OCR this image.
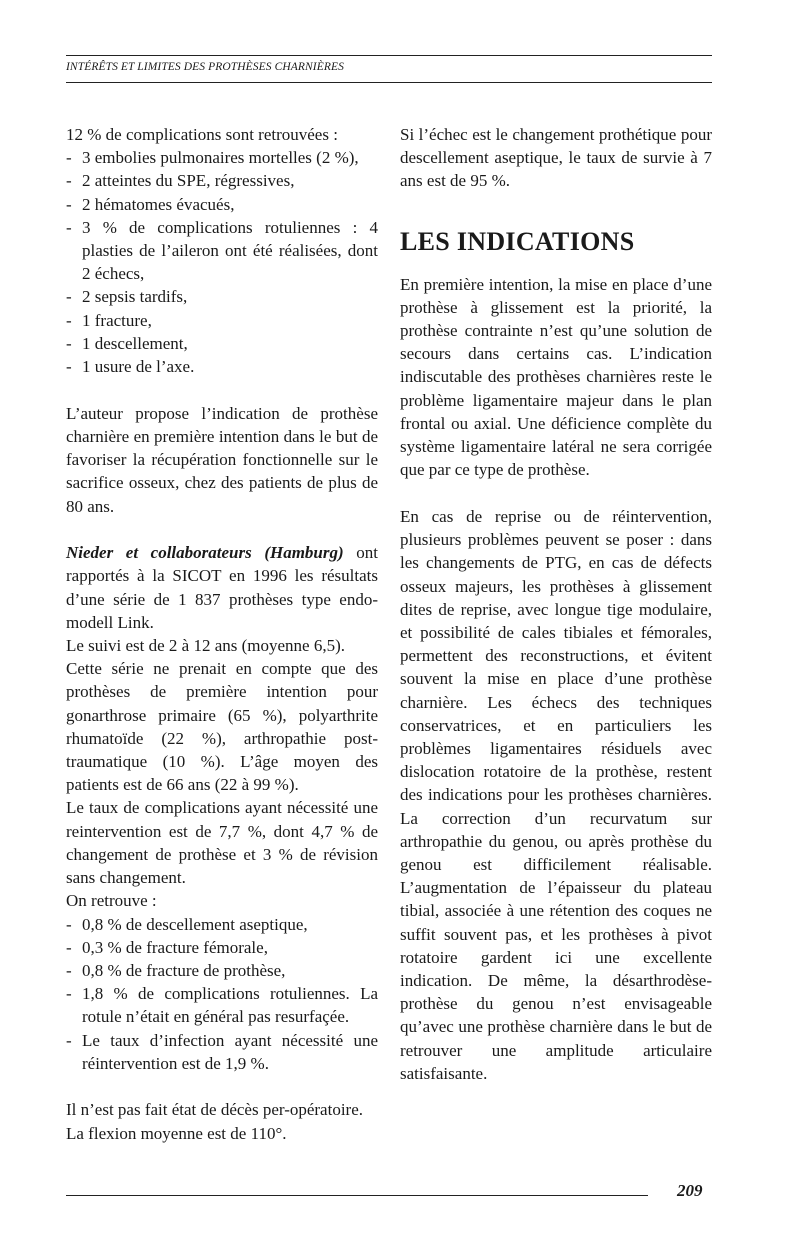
INTÉRÊTS ET LIMITES DES PROTHÈSES CHARNIÈRES

12 % de complications sont retrouvées :

- 3 embolies pulmonaires mortelles (2 %),
- 2 atteintes du SPE, régressives,
- 2 hématomes évacués,
- 3 % de complications rotuliennes : 4 plasties de l’aileron ont été réalisées, dont 2 échecs,
- 2 sepsis tardifs,
- 1 fracture,
- 1 descellement,
- 1 usure de l’axe.

L’auteur propose l’indication de prothèse charnière en première intention dans le but de favoriser la récupération fonctionnelle sur le sacrifice osseux, chez des patients de plus de 80 ans.

Nieder et collaborateurs (Hamburg) ont rapportés à la SICOT en 1996 les résultats d’une série de 1 837 prothèses type endo-modell Link.

Le suivi est de 2 à 12 ans (moyenne 6,5).

Cette série ne prenait en compte que des prothèses de première intention pour gonarthrose primaire (65 %), polyarthrite rhumatoïde (22 %), arthropathie post-traumatique (10 %). L’âge moyen des patients est de 66 ans (22 à 99 %).

Le taux de complications ayant nécessité une reintervention est de 7,7 %, dont 4,7 % de changement de prothèse et 3 % de révision sans changement.

On retrouve :

- 0,8 % de descellement aseptique,
- 0,3 % de fracture fémorale,
- 0,8 % de fracture de prothèse,
- 1,8 % de complications rotuliennes. La rotule n’était en général pas resurfaçée.
- Le taux d’infection ayant nécessité une réintervention est de 1,9 %.

Il n’est pas fait état de décès per-opératoire.

La flexion moyenne est de 110°.

Si l’échec est le changement prothétique pour descellement aseptique, le taux de survie à 7 ans est de 95 %.

LES INDICATIONS

En première intention, la mise en place d’une prothèse à glissement est la priorité, la prothèse contrainte n’est qu’une solution de secours dans certains cas. L’indication indiscutable des prothèses charnières reste le problème ligamentaire majeur dans le plan frontal ou axial. Une déficience complète du système ligamentaire latéral ne sera corrigée que par ce type de prothèse.

En cas de reprise ou de réintervention, plusieurs problèmes peuvent se poser : dans les changements de PTG, en cas de défects osseux majeurs, les prothèses à glissement dites de reprise, avec longue tige modulaire, et possibilité de cales tibiales et fémorales, permettent des reconstructions, et évitent souvent la mise en place d’une prothèse charnière. Les échecs des techniques conservatrices, et en particuliers les problèmes ligamentaires résiduels avec dislocation rotatoire de la prothèse, restent des indications pour les prothèses charnières. La correction d’un recurvatum sur arthropathie du genou, ou après prothèse du genou est difficilement réalisable. L’augmentation de l’épaisseur du plateau tibial, associée à une rétention des coques ne suffit souvent pas, et les prothèses à pivot rotatoire gardent ici une excellente indication. De même, la désarthrodèse-prothèse du genou n’est envisageable qu’avec une prothèse charnière dans le but de retrouver une amplitude articulaire satisfaisante.

209
